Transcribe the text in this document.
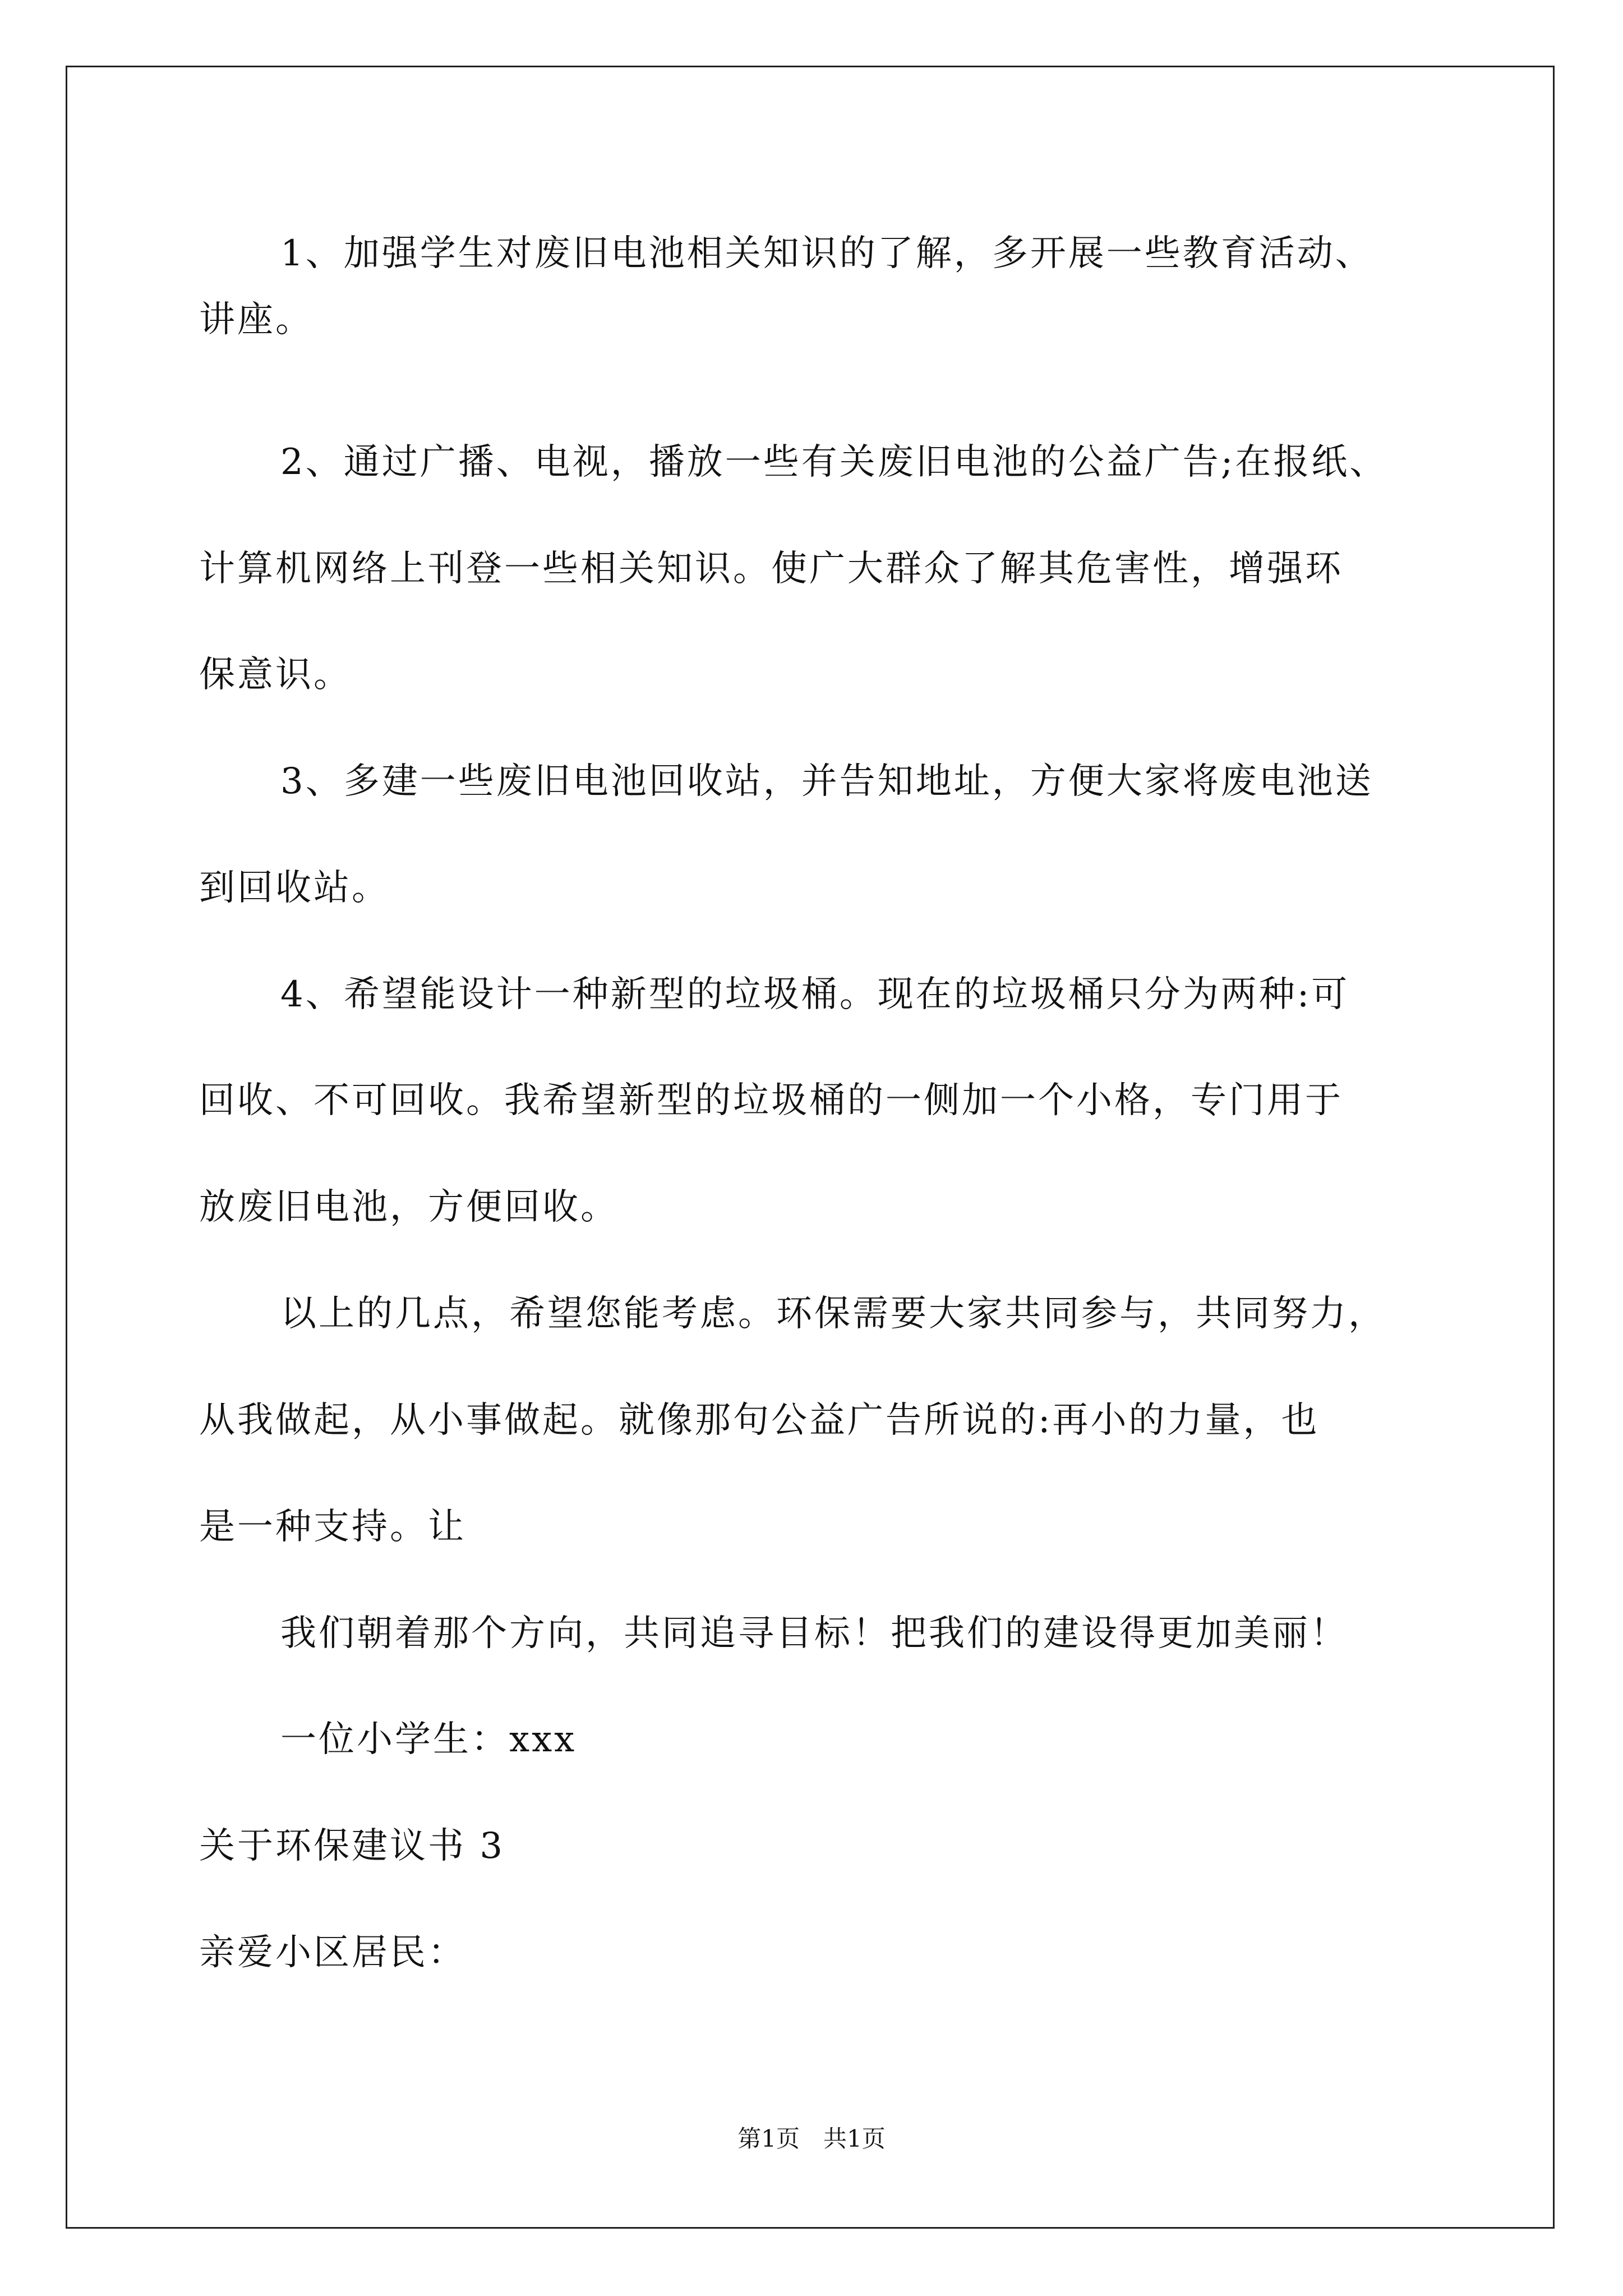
1、加强学生对废旧电池相关知识的了解，多开展一些教育活动、
讲座。
2、通过广播、电视，播放一些有关废旧电池的公益广告;在报纸、
计算机网络上刊登一些相关知识。使广大群众了解其危害性，增强环
保意识。
3、多建一些废旧电池回收站，并告知地址，方便大家将废电池送
到回收站。
4、希望能设计一种新型的垃圾桶。现在的垃圾桶只分为两种:可
回收、不可回收。我希望新型的垃圾桶的一侧加一个小格，专门用于
放废旧电池，方便回收。
以上的几点，希望您能考虑。环保需要大家共同参与，共同努力，
从我做起，从小事做起。就像那句公益广告所说的:再小的力量，也
是一种支持。让
我们朝着那个方向，共同追寻目标！把我们的建设得更加美丽！
一位小学生：xxx
关于环保建议书 3
亲爱小区居民：
第1页　共1页
